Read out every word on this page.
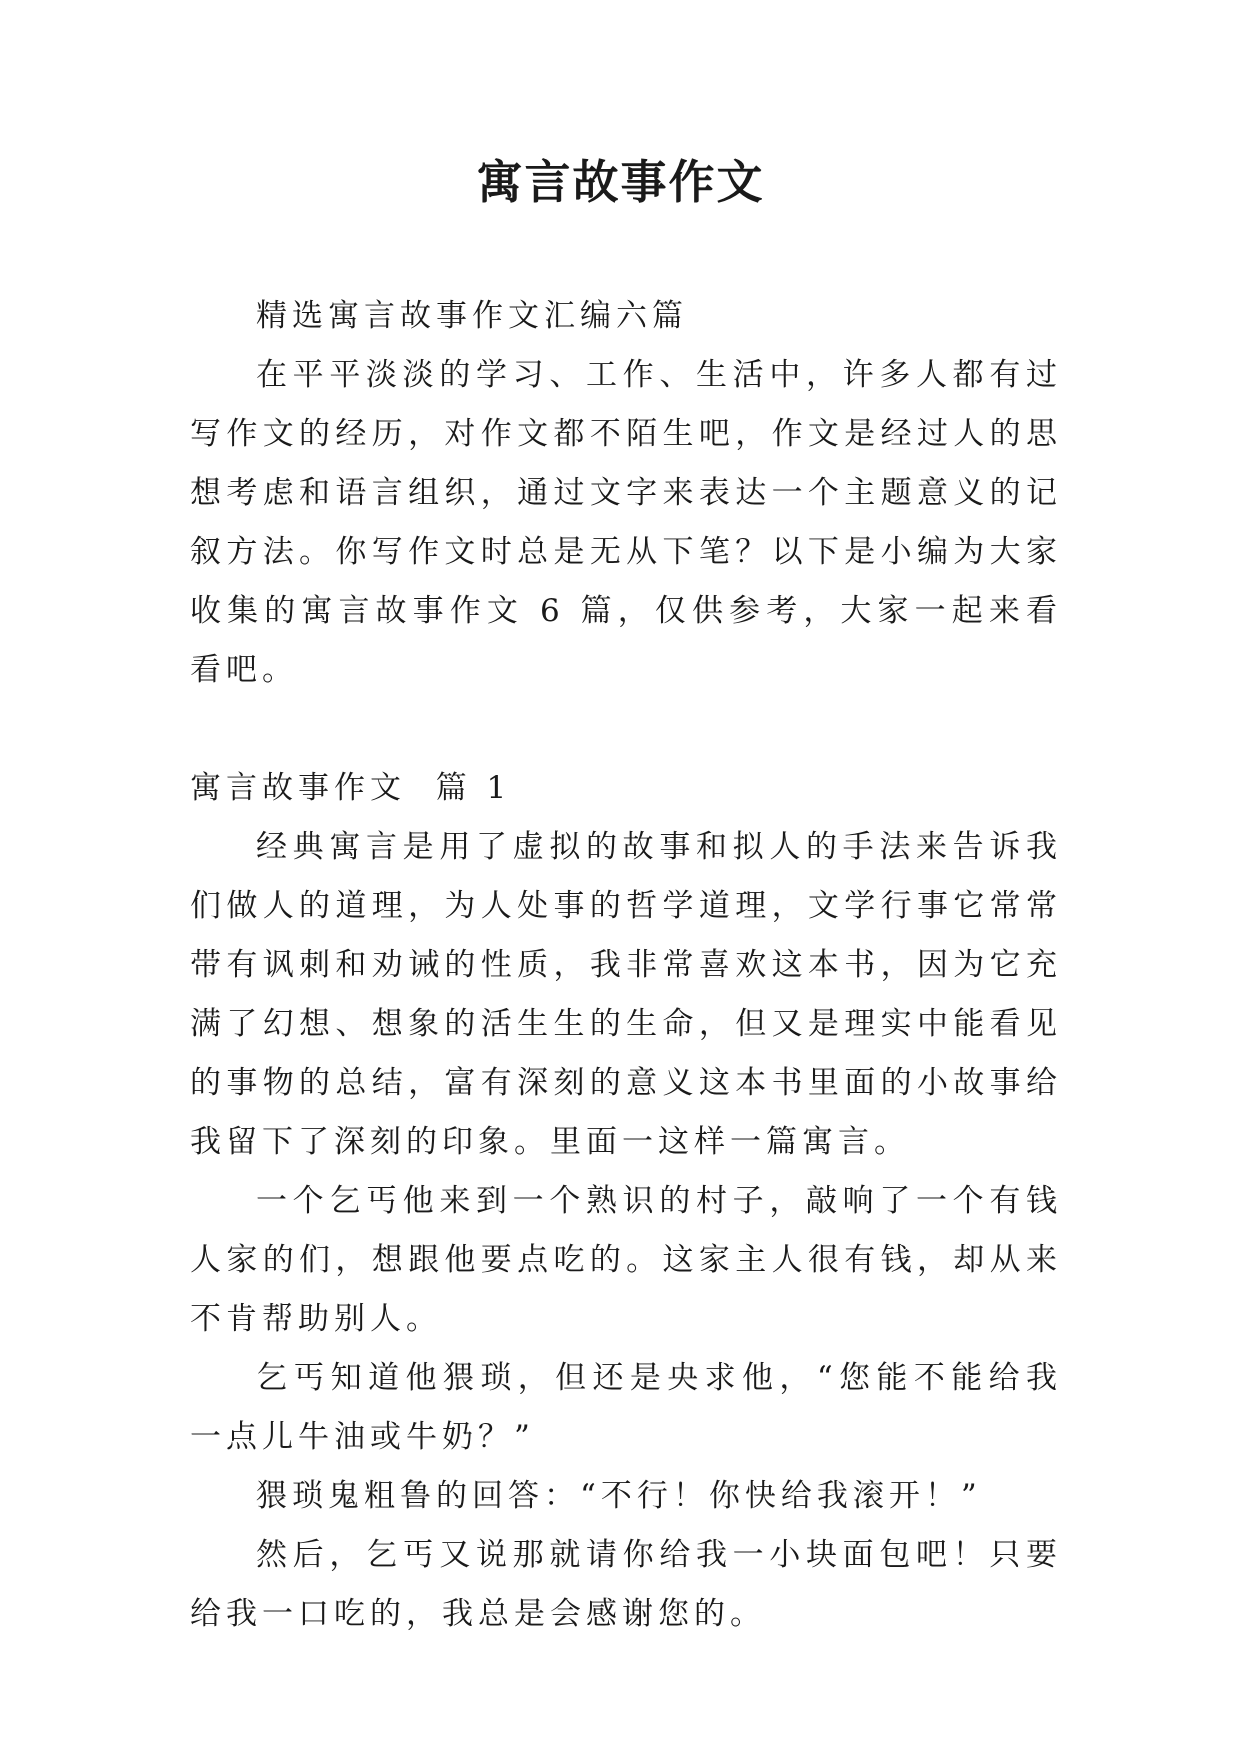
寓言故事作文

精选寓言故事作文汇编六篇

在平平淡淡的学习、工作、生活中，许多人都有过写作文的经历，对作文都不陌生吧，作文是经过人的思想考虑和语言组织，通过文字来表达一个主题意义的记叙方法。你写作文时总是无从下笔？以下是小编为大家收集的寓言故事作文 6 篇，仅供参考，大家一起来看看吧。

寓言故事作文  篇 1

经典寓言是用了虚拟的故事和拟人的手法来告诉我们做人的道理，为人处事的哲学道理，文学行事它常常带有讽刺和劝诫的性质，我非常喜欢这本书，因为它充满了幻想、想象的活生生的生命，但又是理实中能看见的事物的总结，富有深刻的意义这本书里面的小故事给我留下了深刻的印象。里面一这样一篇寓言。

一个乞丐他来到一个熟识的村子，敲响了一个有钱人家的们，想跟他要点吃的。这家主人很有钱，却从来不肯帮助别人。

乞丐知道他猥琐，但还是央求他，“您能不能给我一点儿牛油或牛奶？”

猥琐鬼粗鲁的回答：“不行！你快给我滚开！”

然后，乞丐又说那就请你给我一小块面包吧！只要给我一口吃的，我总是会感谢您的。
